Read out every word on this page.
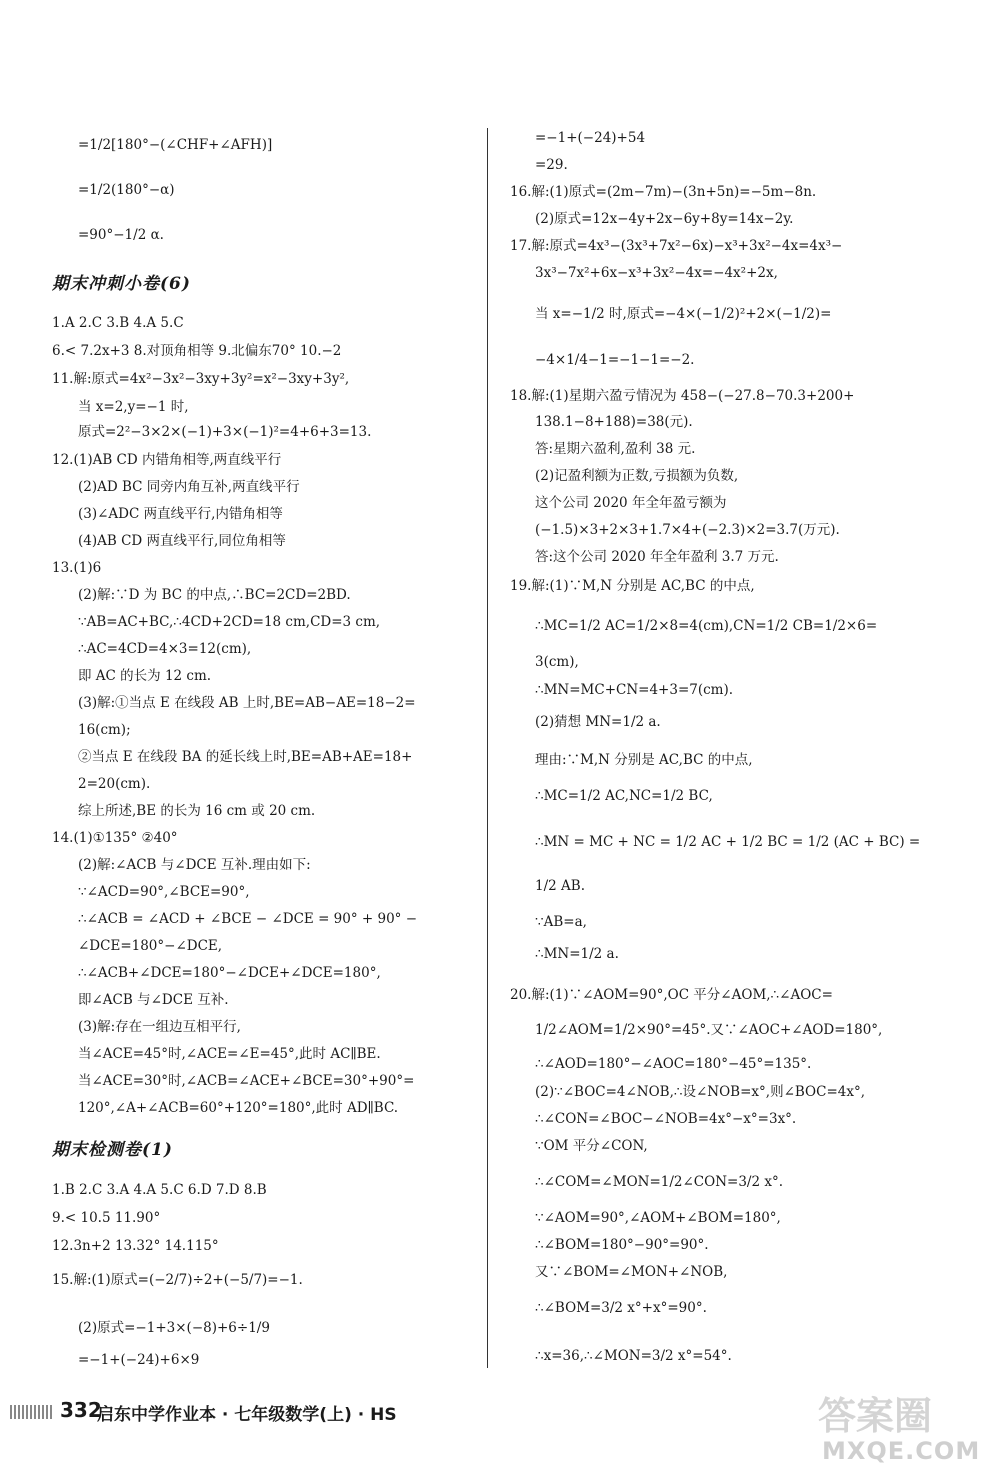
=1/2[180°−(∠CHF+∠AFH)]
=1/2(180°−α)
=90°−1/2 α.
期末冲刺小卷(6)
1.A 2.C 3.B 4.A 5.C
6.< 7.2x+3 8.对顶角相等 9.北偏东70° 10.−2
11.解:原式=4x²−3x²−3xy+3y²=x²−3xy+3y²,
当 x=2,y=−1 时,
原式=2²−3×2×(−1)+3×(−1)²=4+6+3=13.
12.(1)AB CD 内错角相等,两直线平行
(2)AD BC 同旁内角互补,两直线平行
(3)∠ADC 两直线平行,内错角相等
(4)AB CD 两直线平行,同位角相等
13.(1)6
(2)解:∵D 为 BC 的中点,∴BC=2CD=2BD.
∵AB=AC+BC,∴4CD+2CD=18 cm,CD=3 cm,
∴AC=4CD=4×3=12(cm),
即 AC 的长为 12 cm.
(3)解:①当点 E 在线段 AB 上时,BE=AB−AE=18−2=
16(cm);
②当点 E 在线段 BA 的延长线上时,BE=AB+AE=18+
2=20(cm).
综上所述,BE 的长为 16 cm 或 20 cm.
14.(1)①135° ②40°
(2)解:∠ACB 与∠DCE 互补.理由如下:
∵∠ACD=90°,∠BCE=90°,
∴∠ACB = ∠ACD + ∠BCE − ∠DCE = 90° + 90° −
∠DCE=180°−∠DCE,
∴∠ACB+∠DCE=180°−∠DCE+∠DCE=180°,
即∠ACB 与∠DCE 互补.
(3)解:存在一组边互相平行,
当∠ACE=45°时,∠ACE=∠E=45°,此时 AC∥BE.
当∠ACE=30°时,∠ACB=∠ACE+∠BCE=30°+90°=
120°,∠A+∠ACB=60°+120°=180°,此时 AD∥BC.
期末检测卷(1)
1.B 2.C 3.A 4.A 5.C 6.D 7.D 8.B
9.< 10.5 11.90°
12.3n+2 13.32° 14.115°
15.解:(1)原式=(−2/7)÷2+(−5/7)=−1.
(2)原式=−1+3×(−8)+6÷1/9
=−1+(−24)+6×9
=−1+(−24)+54
=29.
16.解:(1)原式=(2m−7m)−(3n+5n)=−5m−8n.
(2)原式=12x−4y+2x−6y+8y=14x−2y.
17.解:原式=4x³−(3x³+7x²−6x)−x³+3x²−4x=4x³−
3x³−7x²+6x−x³+3x²−4x=−4x²+2x,
当 x=−1/2 时,原式=−4×(−1/2)²+2×(−1/2)=
−4×1/4−1=−1−1=−2.
18.解:(1)星期六盈亏情况为 458−(−27.8−70.3+200+
138.1−8+188)=38(元).
答:星期六盈利,盈利 38 元.
(2)记盈利额为正数,亏损额为负数,
这个公司 2020 年全年盈亏额为
(−1.5)×3+2×3+1.7×4+(−2.3)×2=3.7(万元).
答:这个公司 2020 年全年盈利 3.7 万元.
19.解:(1)∵M,N 分别是 AC,BC 的中点,
∴MC=1/2 AC=1/2×8=4(cm),CN=1/2 CB=1/2×6=
3(cm),
∴MN=MC+CN=4+3=7(cm).
(2)猜想 MN=1/2 a.
理由:∵M,N 分别是 AC,BC 的中点,
∴MC=1/2 AC,NC=1/2 BC,
∴MN = MC + NC = 1/2 AC + 1/2 BC = 1/2 (AC + BC) =
1/2 AB.
∵AB=a,
∴MN=1/2 a.
20.解:(1)∵∠AOM=90°,OC 平分∠AOM,∴∠AOC=
1/2∠AOM=1/2×90°=45°.又∵∠AOC+∠AOD=180°,
∴∠AOD=180°−∠AOC=180°−45°=135°.
(2)∵∠BOC=4∠NOB,∴设∠NOB=x°,则∠BOC=4x°,
∴∠CON=∠BOC−∠NOB=4x°−x°=3x°.
∵OM 平分∠CON,
∴∠COM=∠MON=1/2∠CON=3/2 x°.
∵∠AOM=90°,∠AOM+∠BOM=180°,
∴∠BOM=180°−90°=90°.
又∵∠BOM=∠MON+∠NOB,
∴∠BOM=3/2 x°+x°=90°.
∴x=36,∴∠MON=3/2 x°=54°.
332
启东中学作业本 · 七年级数学(上) · HS	答案圈
MXQE.COM
